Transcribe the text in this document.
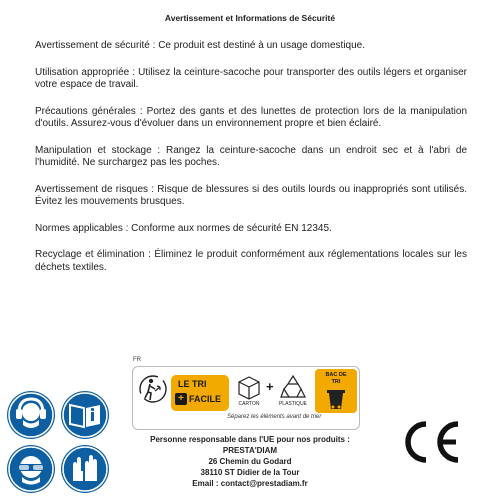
Avertissement et Informations de Sécurité

Avertissement de sécurité : Ce produit est destiné à un usage domestique.

Utilisation appropriée : Utilisez la ceinture-sacoche pour transporter des outils légers et organiser votre espace de travail.

Précautions générales : Portez des gants et des lunettes de protection lors de la manipulation d'outils. Assurez-vous d'évoluer dans un environnement propre et bien éclairé.

Manipulation et stockage : Rangez la ceinture-sacoche dans un endroit sec et à l'abri de l'humidité. Ne surchargez pas les poches.

Avertissement de risques : Risque de blessures si des outils lourds ou inappropriés sont utilisés. Évitez les mouvements brusques.

Normes applicables : Conforme aux normes de sécurité EN 12345.

Recyclage et élimination : Éliminez le produit conformément aux réglementations locales sur les déchets textiles.

FR
LE TRI
+ FACILE	CARTON
+
PLASTIQUE
BAC DE
TRI
Séparez les éléments avant de trier
Personne responsable dans l'UE pour nos produits :
PRESTA'DIAM
26 Chemin du Godard
38110 ST Didier de la Tour
Email : contact@prestadiam.fr
